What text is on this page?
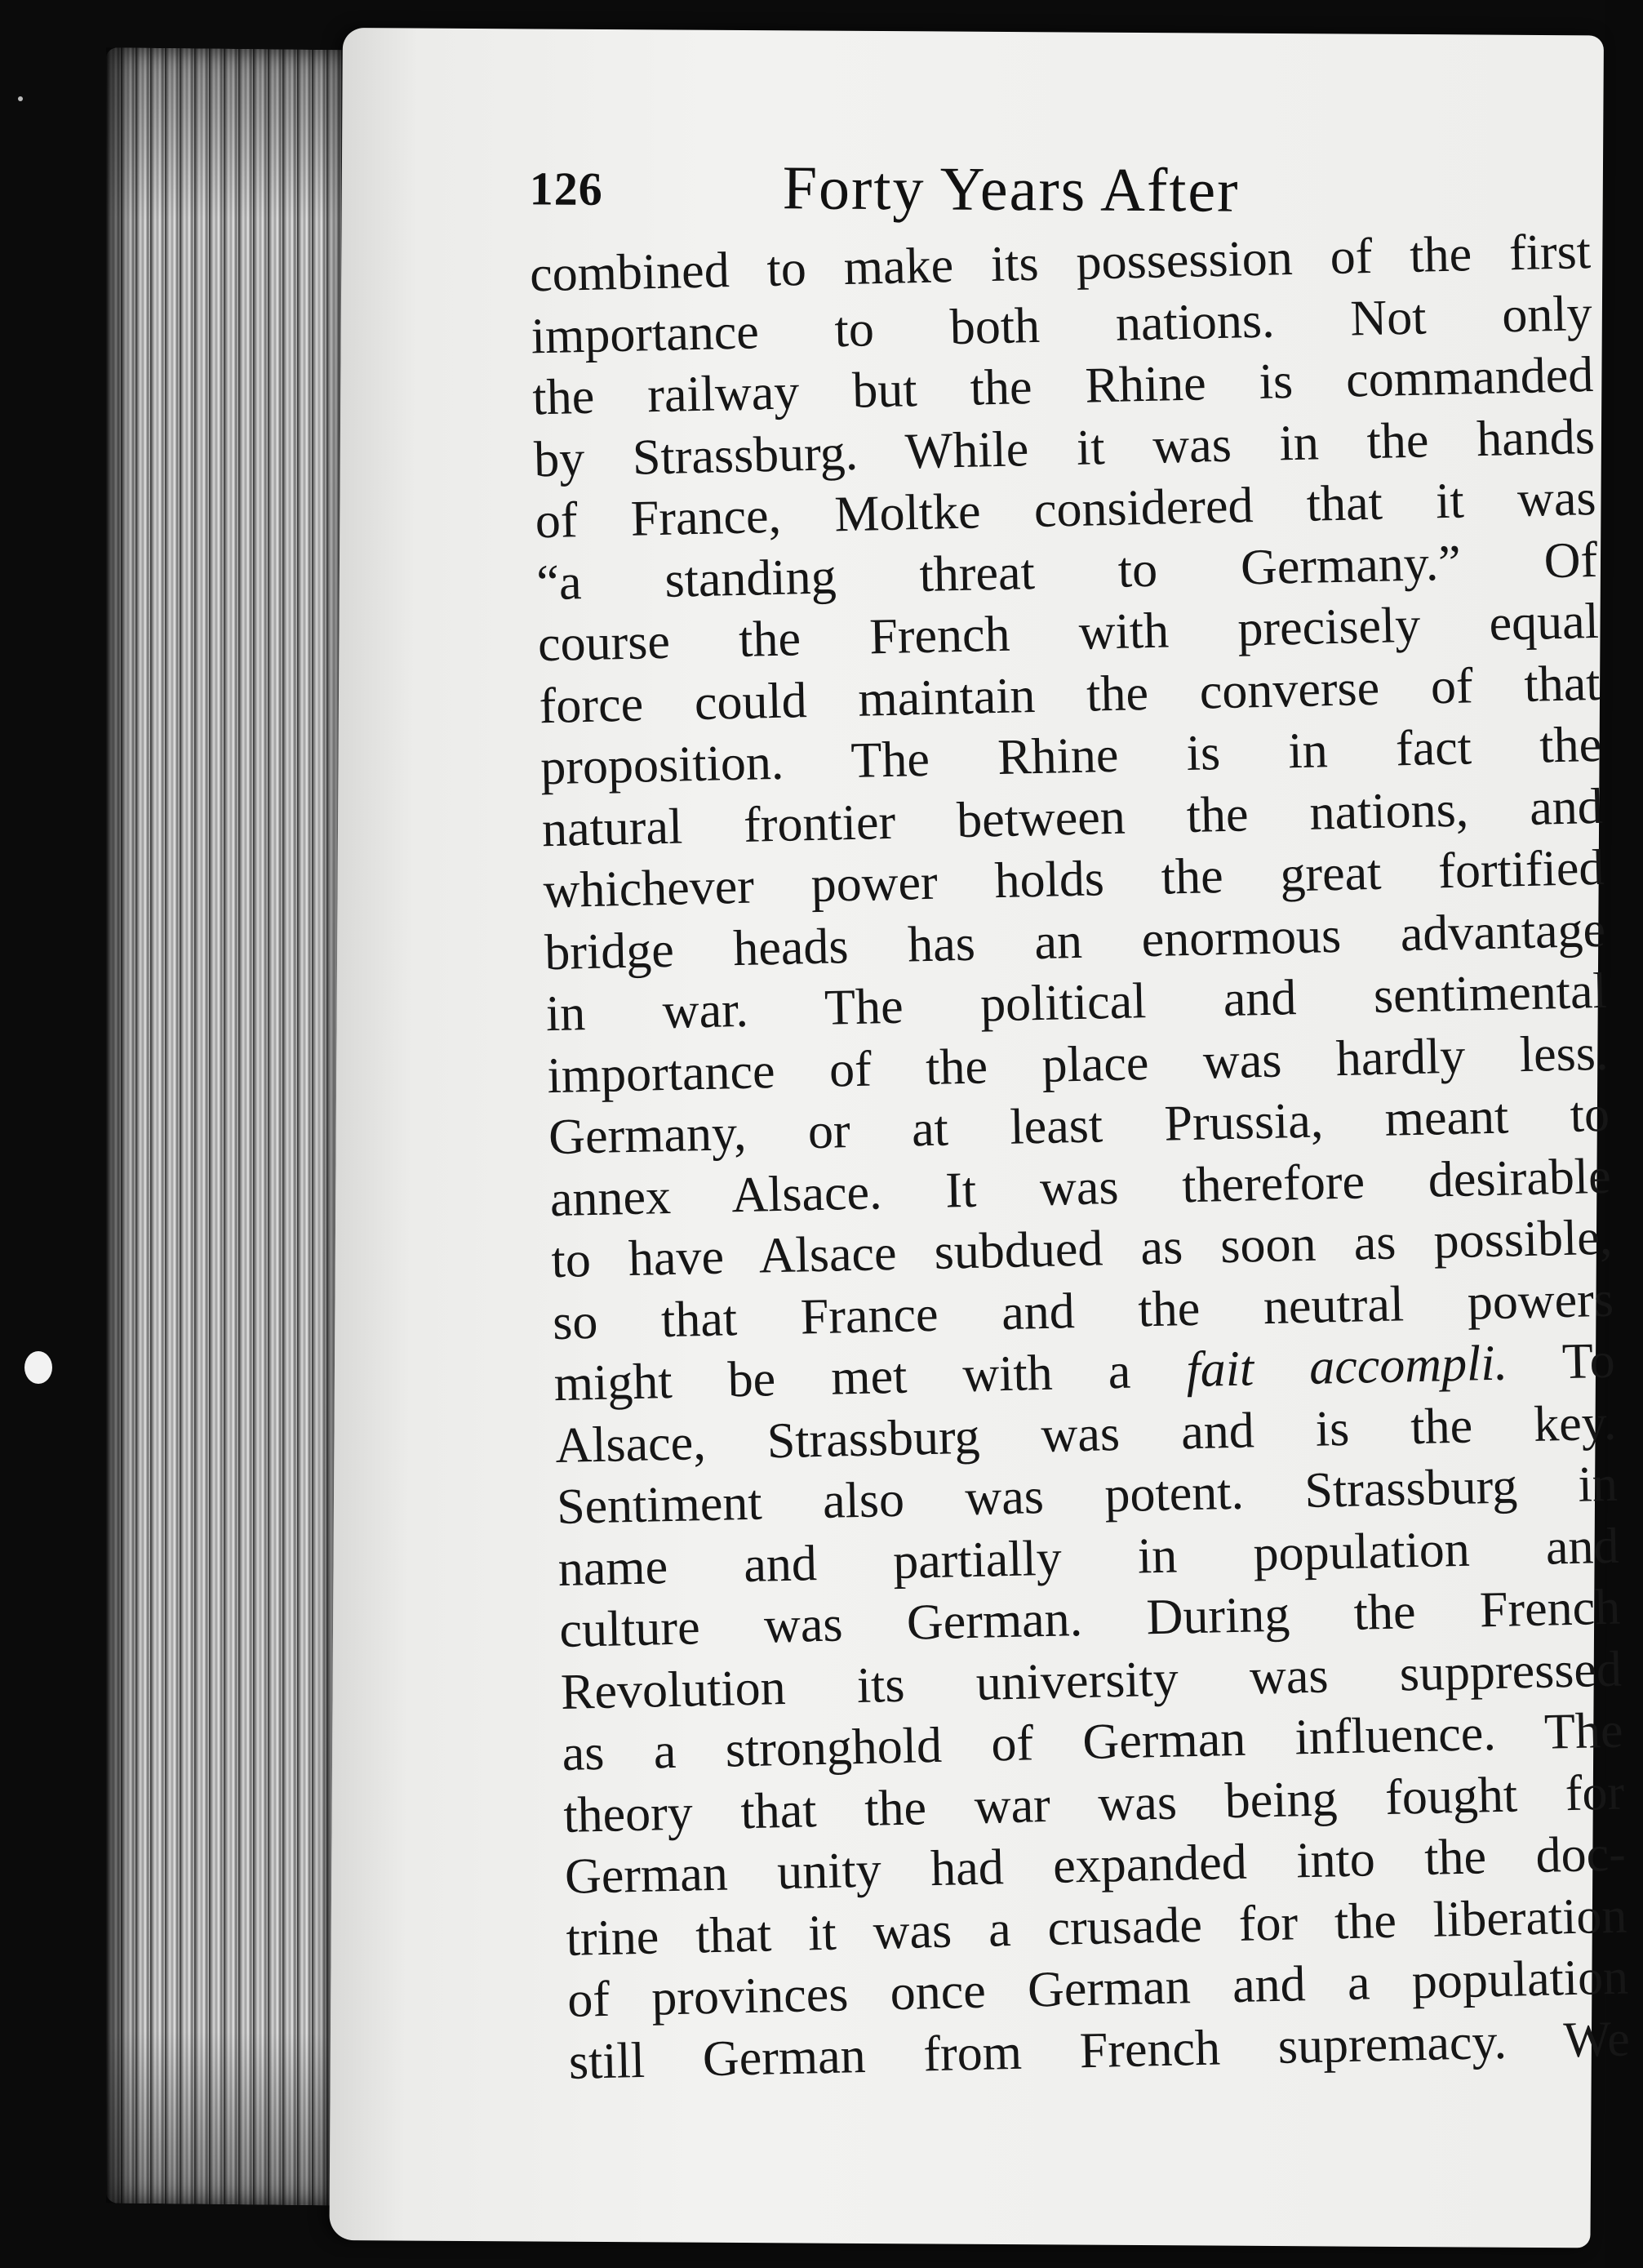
126	Forty Years After
combined to make its possession of the first
importance to both nations. Not only
the railway but the Rhine is commanded
by Strassburg. While it was in the hands
of France, Moltke considered that it was
“a standing threat to Germany.” Of
course the French with precisely equal
force could maintain the converse of that
proposition. The Rhine is in fact the
natural frontier between the nations, and
whichever power holds the great fortified
bridge heads has an enormous advantage
in war. The political and sentimental
importance of the place was hardly less.
Germany, or at least Prussia, meant to
annex Alsace. It was therefore desirable
to have Alsace subdued as soon as possible,
so that France and the neutral powers
might be met with a fait accompli. To
Alsace, Strassburg was and is the key.
Sentiment also was potent. Strassburg in
name and partially in population and
culture was German. During the French
Revolution its university was suppressed
as a stronghold of German influence. The
theory that the war was being fought for
German unity had expanded into the doc-
trine that it was a crusade for the liberation
of provinces once German and a population
still German from French supremacy. We
